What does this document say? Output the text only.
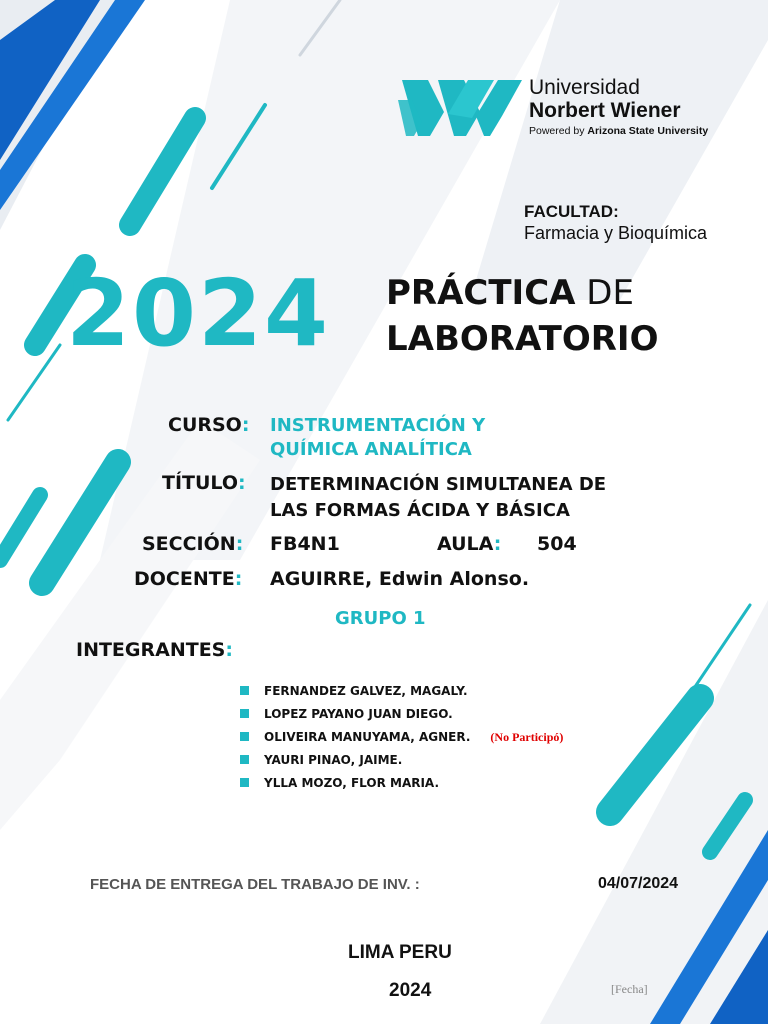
Universidad
Norbert Wiener
Powered by Arizona State University
FACULTAD:
Farmacia y Bioquímica
2024 PRÁCTICA DE
LABORATORIO
CURSO: INSTRUMENTACIÓN Y
QUÍMICA ANALÍTICA
TÍTULO: DETERMINACIÓN SIMULTANEA DE
LAS FORMAS ÁCIDA Y BÁSICA
SECCIÓN: FB4N1	AULA: 504
DOCENTE: AGUIRRE, Edwin Alonso.
GRUPO 1
INTEGRANTES:
FERNANDEZ GALVEZ, MAGALY.
LOPEZ PAYANO JUAN DIEGO.
OLIVEIRA MANUYAMA, AGNER. (No Participó)
YAURI PINAO, JAIME.
YLLA MOZO, FLOR MARIA.
FECHA DE ENTREGA DEL TRABAJO DE INV. :	04/07/2024
LIMA PERU
2024	[Fecha]
